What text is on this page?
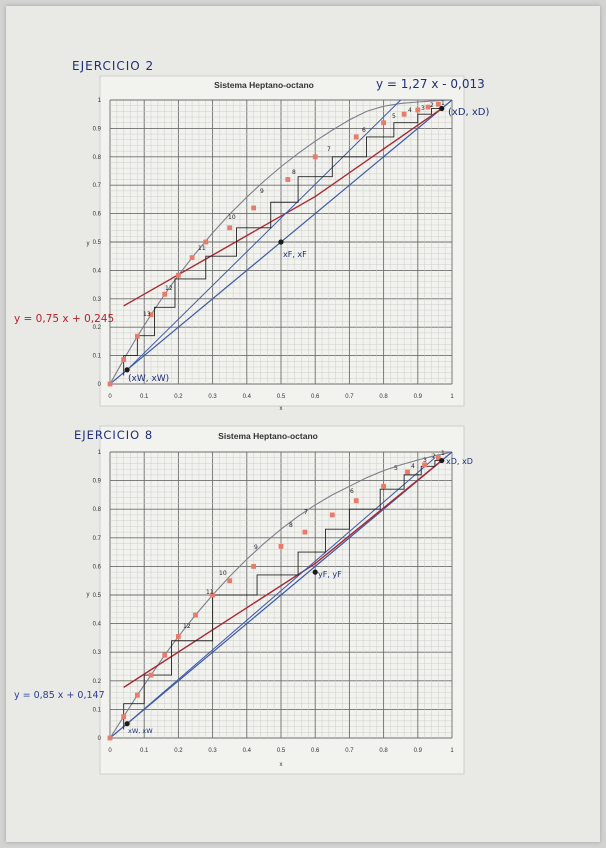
0	0.1	0.2	0.3	0.4	0.5	0.6	0.7	0.8	0.9	1
0
0.1
0.2
0.3
0.4
0.5
0.6
0.7
0.8
0.9
1	1
2
3
4
5
6
7
8
9
10
11
12
13
Sistema Heptano-octano
x
y
EJERCICIO 2
y = 1,27 x - 0,013
y = 0,75 x + 0,245
(xD, xD)
xF, xF
(xW, xW)
0	0.1	0.2	0.3	0.4	0.5	0.6	0.7	0.8	0.9	1
0
0.1
0.2
0.3
0.4
0.5
0.6
0.7
0.8
0.9
1	1
2
3
4
5
6
7
8
9
10
11
12
Sistema Heptano-octano
x
y
EJERCICIO 8
y = 0,85 x + 0,147
xD, xD
yF, yF
xW, xW
